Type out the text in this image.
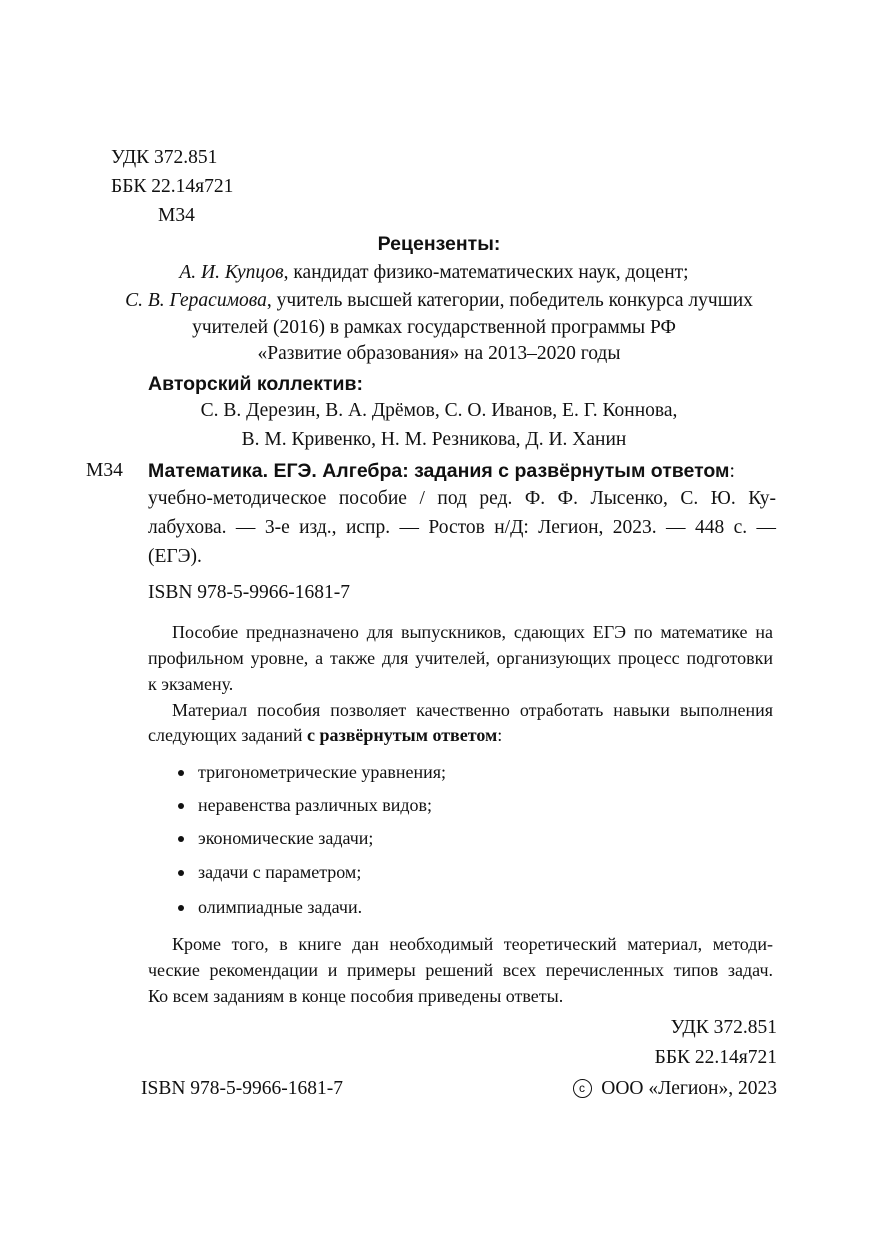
УДК 372.851
ББК 22.14я721
М34
Рецензенты:
А. И. Купцов, кандидат физико-математических наук, доцент;
С. В. Герасимова, учитель высшей категории, победитель конкурса лучших
учителей (2016) в рамках государственной программы РФ
«Развитие образования» на 2013–2020 годы
Авторский коллектив:
С. В. Дерезин, В. А. Дрёмов, С. О. Иванов, Е. Г. Коннова,
В. М. Кривенко, Н. М. Резникова, Д. И. Ханин
М34 Математика. ЕГЭ. Алгебра: задания с развёрнутым ответом:
учебно-методическое пособие / под ред. Ф. Ф. Лысенко, С. Ю. Ку-
лабухова. — 3-е изд., испр. — Ростов н/Д: Легион, 2023. — 448 с. —
(ЕГЭ).
ISBN 978-5-9966-1681-7
Пособие предназначено для выпускников, сдающих ЕГЭ по математике на
профильном уровне, а также для учителей, организующих процесс подготовки
к экзамену.
Материал пособия позволяет качественно отработать навыки выполнения
следующих заданий с развёрнутым ответом:
тригонометрические уравнения;
неравенства различных видов;
экономические задачи;
задачи с параметром;
олимпиадные задачи.
Кроме того, в книге дан необходимый теоретический материал, методи-
ческие рекомендации и примеры решений всех перечисленных типов задач.
Ко всем заданиям в конце пособия приведены ответы.
УДК 372.851
ББК 22.14я721
ISBN 978-5-9966-1681-7	c ООО «Легион», 2023
